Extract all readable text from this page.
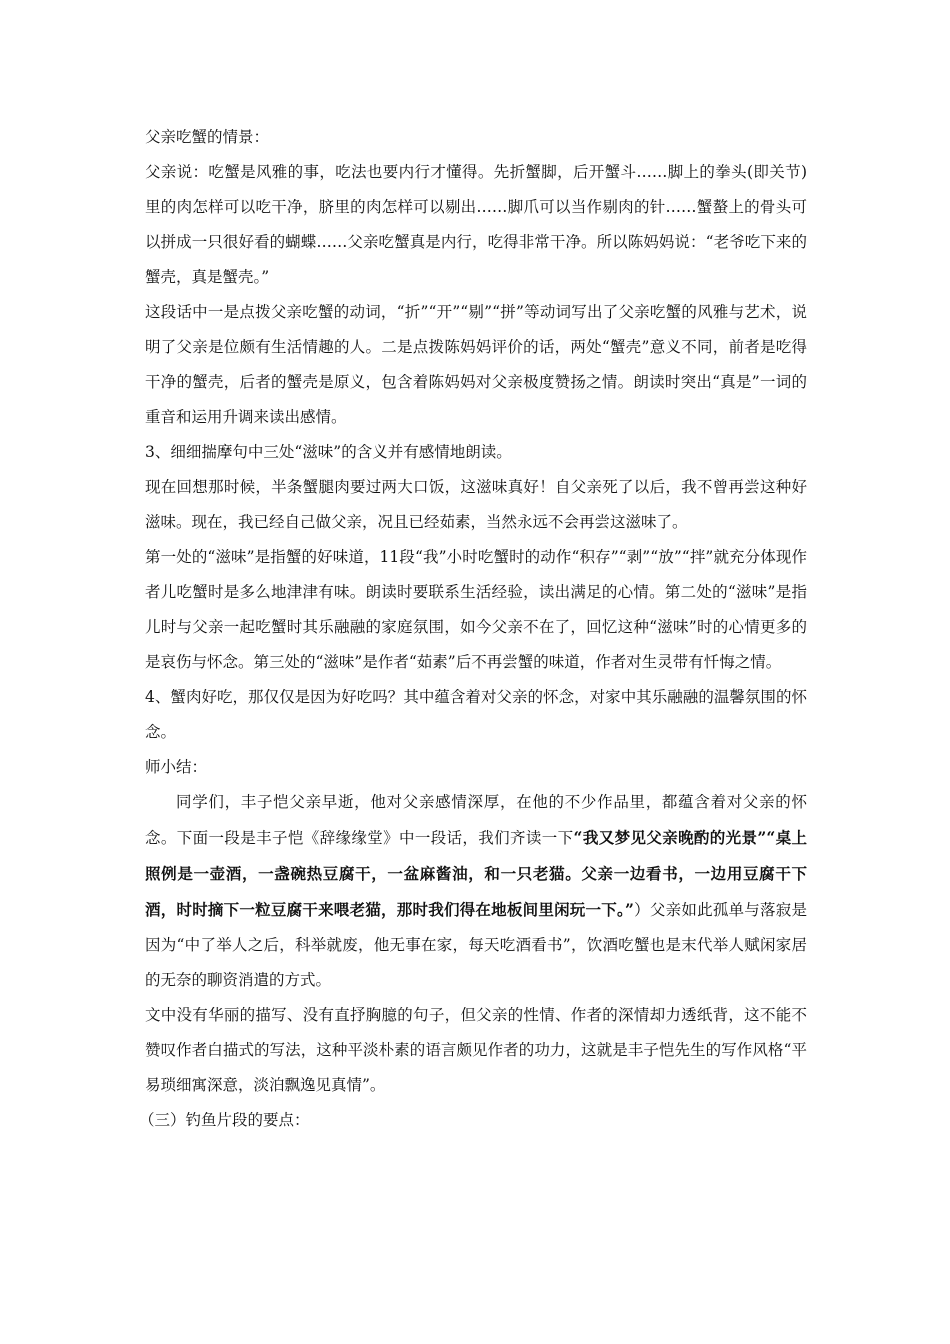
父亲吃蟹的情景：

父亲说：吃蟹是风雅的事，吃法也要内行才懂得。先折蟹脚，后开蟹斗……脚上的拳头(即关节)里的肉怎样可以吃干净，脐里的肉怎样可以剔出……脚爪可以当作剔肉的针……蟹螯上的骨头可以拼成一只很好看的蝴蝶……父亲吃蟹真是内行，吃得非常干净。所以陈妈妈说：“老爷吃下来的蟹壳，真是蟹壳。”

这段话中一是点拨父亲吃蟹的动词，“折”“开”“剔”“拼”等动词写出了父亲吃蟹的风雅与艺术，说明了父亲是位颇有生活情趣的人。二是点拨陈妈妈评价的话，两处“蟹壳”意义不同，前者是吃得干净的蟹壳，后者的蟹壳是原义，包含着陈妈妈对父亲极度赞扬之情。朗读时突出“真是”一词的重音和运用升调来读出感情。

3、细细揣摩句中三处“滋味”的含义并有感情地朗读。

现在回想那时候，半条蟹腿肉要过两大口饭，这滋味真好！自父亲死了以后，我不曾再尝这种好滋味。现在，我已经自己做父亲，况且已经茹素，当然永远不会再尝这滋味了。

第一处的“滋味”是指蟹的好味道，11段“我”小时吃蟹时的动作“积存”“剥”“放”“拌”就充分体现作者儿吃蟹时是多么地津津有味。朗读时要联系生活经验，读出满足的心情。第二处的“滋味”是指儿时与父亲一起吃蟹时其乐融融的家庭氛围，如今父亲不在了，回忆这种“滋味”时的心情更多的是哀伤与怀念。第三处的“滋味”是作者“茹素”后不再尝蟹的味道，作者对生灵带有忏悔之情。

4、蟹肉好吃，那仅仅是因为好吃吗？其中蕴含着对父亲的怀念，对家中其乐融融的温馨氛围的怀念。

师小结：

同学们，丰子恺父亲早逝，他对父亲感情深厚，在他的不少作品里，都蕴含着对父亲的怀念。下面一段是丰子恺《辞缘缘堂》中一段话，我们齐读一下“我又梦见父亲晚酌的光景”“桌上照例是一壶酒，一盏碗热豆腐干，一盆麻酱油，和一只老猫。父亲一边看书，一边用豆腐干下酒，时时摘下一粒豆腐干来喂老猫，那时我们得在地板间里闲玩一下。”）父亲如此孤单与落寂是因为“中了举人之后，科举就废，他无事在家，每天吃酒看书”，饮酒吃蟹也是末代举人赋闲家居的无奈的聊资消遣的方式。

文中没有华丽的描写、没有直抒胸臆的句子，但父亲的性情、作者的深情却力透纸背，这不能不赞叹作者白描式的写法，这种平淡朴素的语言颇见作者的功力，这就是丰子恺先生的写作风格“平易琐细寓深意，淡泊飘逸见真情”。

（三）钓鱼片段的要点：
